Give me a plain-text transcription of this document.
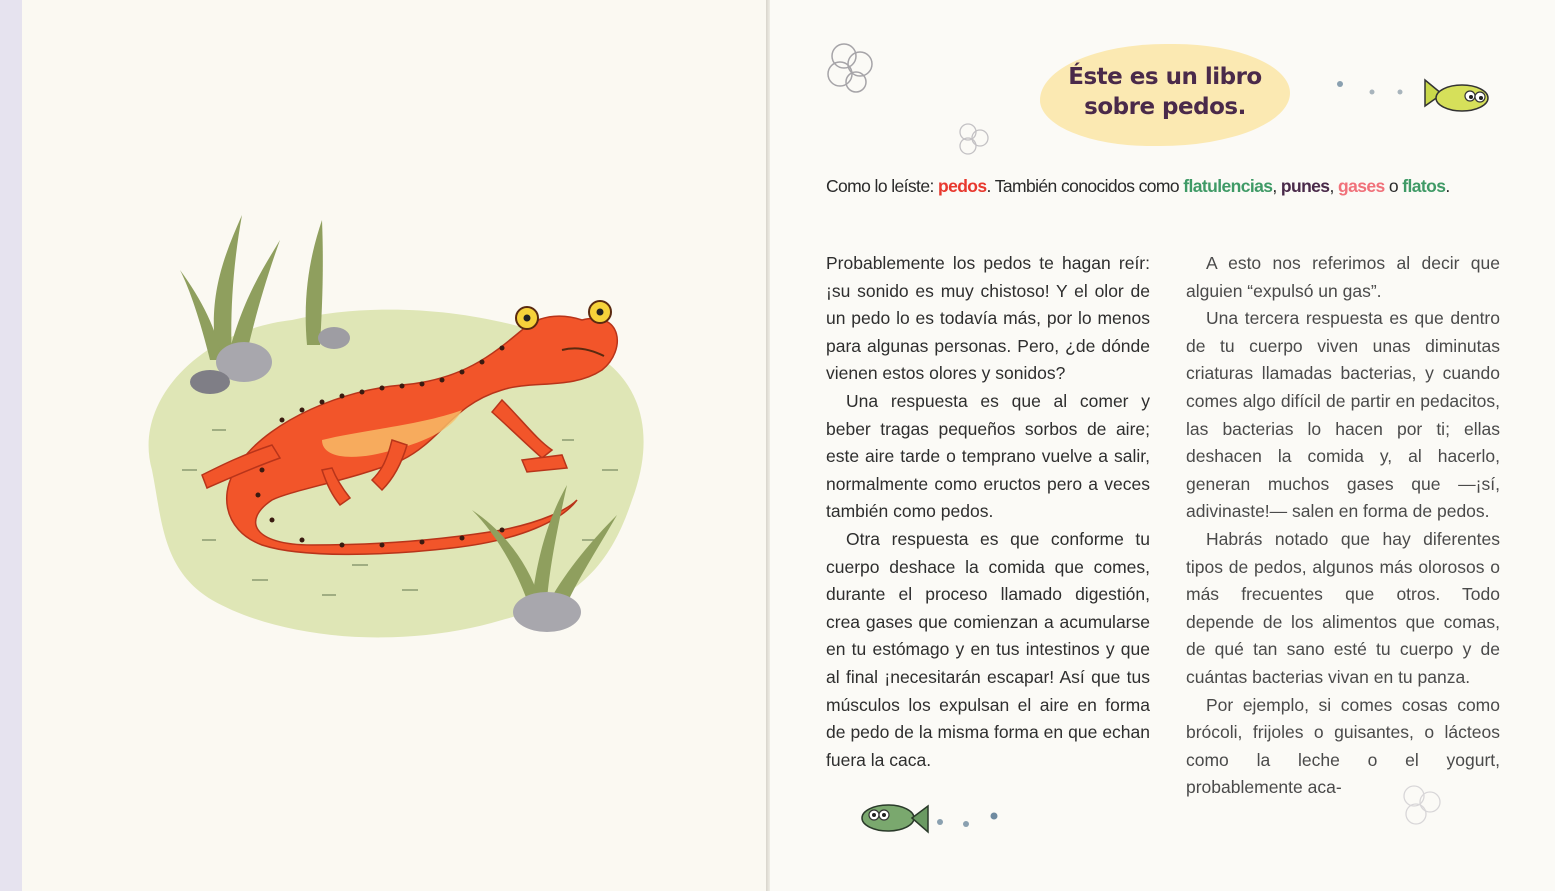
Éste es un libro
sobre pedos.
Como lo leíste: pedos. También conocidos como flatulencias, punes, gases o flatos.

Probablemente los pedos te hagan reír: ¡su sonido es muy chistoso! Y el olor de un pedo lo es todavía más, por lo menos para algunas personas. Pero, ¿de dónde vienen estos olores y sonidos?

Una respuesta es que al comer y beber tragas pequeños sorbos de aire; este aire tarde o temprano vuelve a salir, normalmente como eructos pero a veces también como pedos.

Otra respuesta es que conforme tu cuerpo deshace la comida que comes, durante el proceso llamado digestión, crea gases que comienzan a acumularse en tu estómago y en tus intestinos y que al final ¡necesitarán escapar! Así que tus músculos los expulsan el aire en forma de pedo de la misma forma en que echan fuera la caca.

A esto nos referimos al decir que alguien “expulsó un gas”.

Una tercera respuesta es que dentro de tu cuerpo viven unas diminutas criaturas llamadas bacterias, y cuando comes algo difícil de partir en pedacitos, las bacterias lo hacen por ti; ellas deshacen la comida y, al hacerlo, generan muchos gases que —¡sí, adivinaste!— salen en forma de pedos.

Habrás notado que hay diferentes tipos de pedos, algunos más olorosos o más frecuentes que otros. Todo depende de los alimentos que comas, de qué tan sano esté tu cuerpo y de cuántas bacterias vivan en tu panza.

Por ejemplo, si comes cosas como brócoli, frijoles o guisantes, o lácteos como la leche o el yogurt, probablemente aca-
